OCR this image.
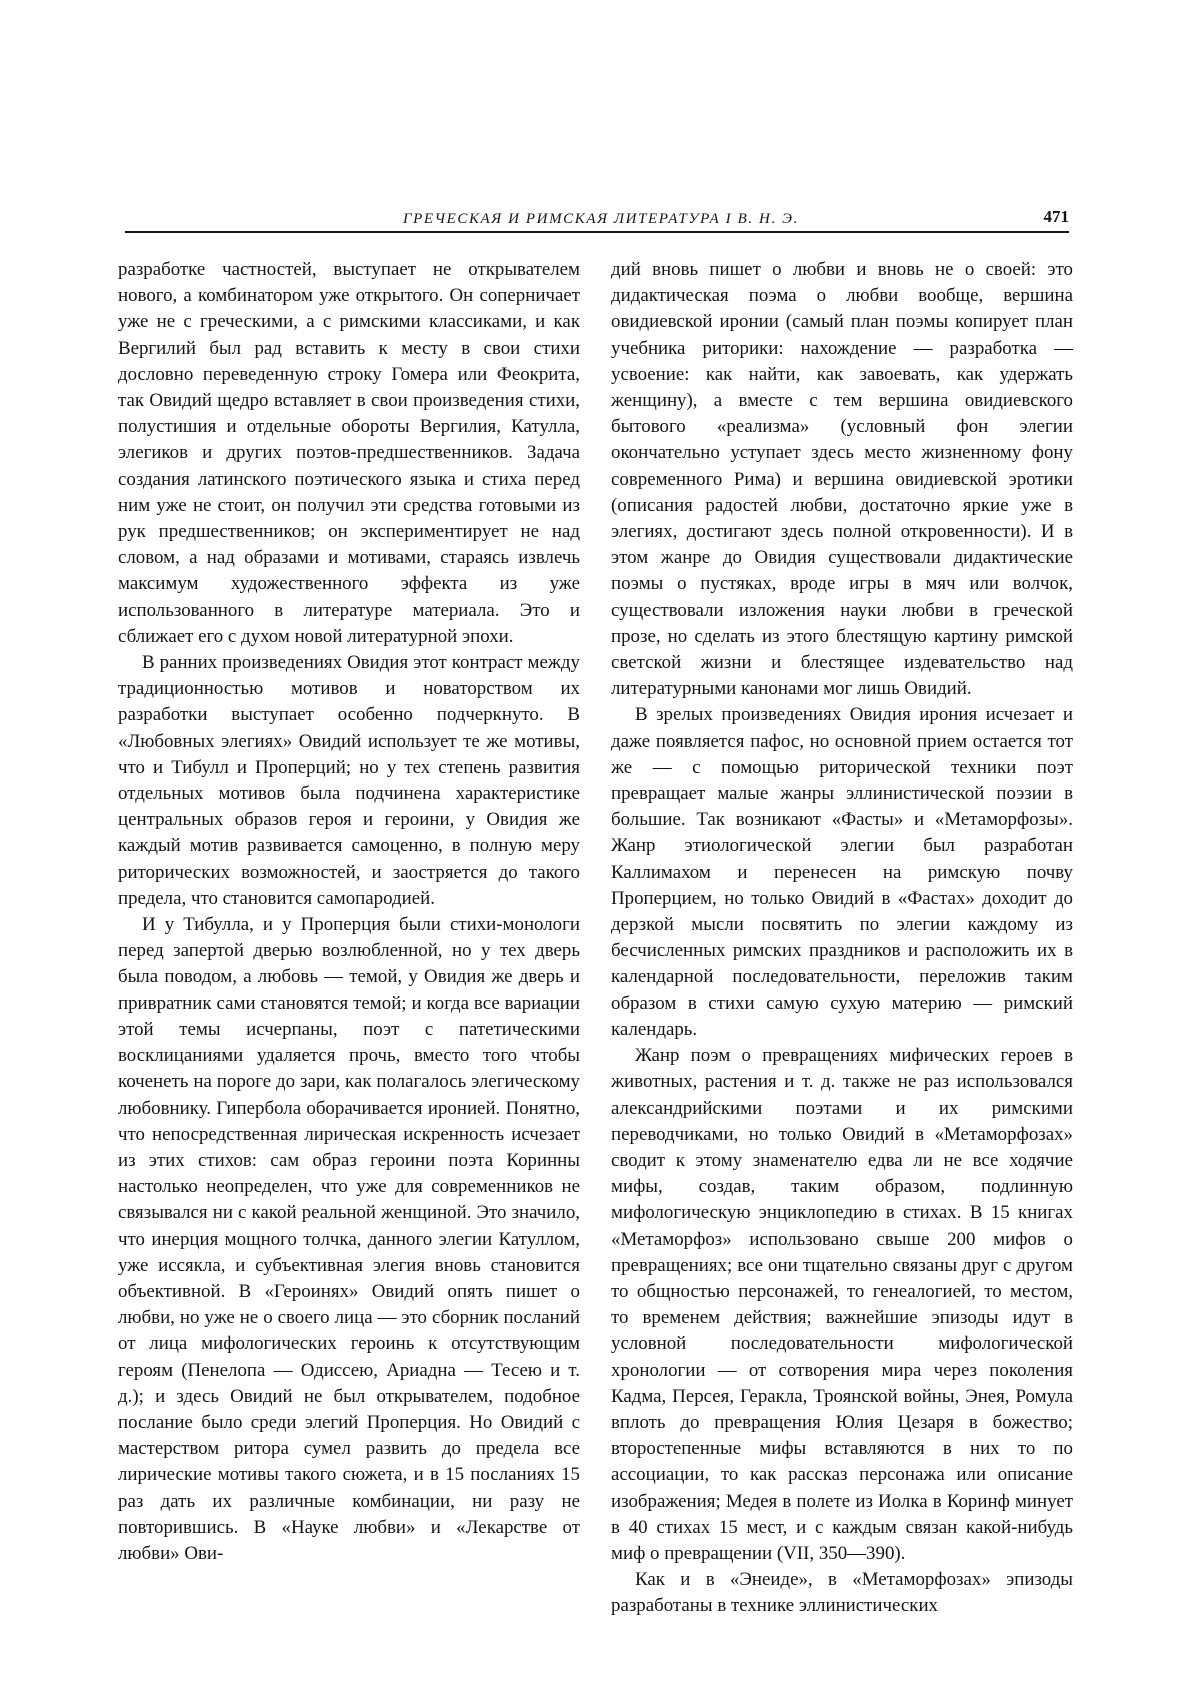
ГРЕЧЕСКАЯ И РИМСКАЯ ЛИТЕРАТУРА I В. Н. Э.	471

разработке частностей, выступает не открывателем нового, а комбинатором уже открытого. Он соперничает уже не с греческими, а с римскими классиками, и как Вергилий был рад вставить к месту в свои стихи дословно переведенную строку Гомера или Феокрита, так Овидий щедро вставляет в свои произведения стихи, полустишия и отдельные обороты Вергилия, Катулла, элегиков и других поэтов-предшественников. Задача создания латинского поэтического языка и стиха перед ним уже не стоит, он получил эти средства готовыми из рук предшественников; он экспериментирует не над словом, а над образами и мотивами, стараясь извлечь максимум художественного эффекта из уже использованного в литературе материала. Это и сближает его с духом новой литературной эпохи.

В ранних произведениях Овидия этот контраст между традиционностью мотивов и новаторством их разработки выступает особенно подчеркнуто. В «Любовных элегиях» Овидий использует те же мотивы, что и Тибулл и Проперций; но у тех степень развития отдельных мотивов была подчинена характеристике центральных образов героя и героини, у Овидия же каждый мотив развивается самоценно, в полную меру риторических возможностей, и заостряется до такого предела, что становится самопародией.

И у Тибулла, и у Проперция были стихи-монологи перед запертой дверью возлюбленной, но у тех дверь была поводом, а любовь — темой, у Овидия же дверь и привратник сами становятся темой; и когда все вариации этой темы исчерпаны, поэт с патетическими восклицаниями удаляется прочь, вместо того чтобы коченеть на пороге до зари, как полагалось элегическому любовнику. Гипербола оборачивается иронией. Понятно, что непосредственная лирическая искренность исчезает из этих стихов: сам образ героини поэта Коринны настолько неопределен, что уже для современников не связывался ни с какой реальной женщиной. Это значило, что инерция мощного толчка, данного элегии Катуллом, уже иссякла, и субъективная элегия вновь становится объективной. В «Героинях» Овидий опять пишет о любви, но уже не о своего лица — это сборник посланий от лица мифологических героинь к отсутствующим героям (Пенелопа — Одиссею, Ариадна — Тесею и т. д.); и здесь Овидий не был открывателем, подобное послание было среди элегий Проперция. Но Овидий с мастерством ритора сумел развить до предела все лирические мотивы такого сюжета, и в 15 посланиях 15 раз дать их различные комбинации, ни разу не повторившись. В «Науке любви» и «Лекарстве от любви» Ови-

дий вновь пишет о любви и вновь не о своей: это дидактическая поэма о любви вообще, вершина овидиевской иронии (самый план поэмы копирует план учебника риторики: нахождение — разработка — усвоение: как найти, как завоевать, как удержать женщину), а вместе с тем вершина овидиевского бытового «реализма» (условный фон элегии окончательно уступает здесь место жизненному фону современного Рима) и вершина овидиевской эротики (описания радостей любви, достаточно яркие уже в элегиях, достигают здесь полной откровенности). И в этом жанре до Овидия существовали дидактические поэмы о пустяках, вроде игры в мяч или волчок, существовали изложения науки любви в греческой прозе, но сделать из этого блестящую картину римской светской жизни и блестящее издевательство над литературными канонами мог лишь Овидий.

В зрелых произведениях Овидия ирония исчезает и даже появляется пафос, но основной прием остается тот же — с помощью риторической техники поэт превращает малые жанры эллинистической поэзии в большие. Так возникают «Фасты» и «Метаморфозы». Жанр этиологической элегии был разработан Каллимахом и перенесен на римскую почву Проперцием, но только Овидий в «Фастах» доходит до дерзкой мысли посвятить по элегии каждому из бесчисленных римских праздников и расположить их в календарной последовательности, переложив таким образом в стихи самую сухую материю — римский календарь.

Жанр поэм о превращениях мифических героев в животных, растения и т. д. также не раз использовался александрийскими поэтами и их римскими переводчиками, но только Овидий в «Метаморфозах» сводит к этому знаменателю едва ли не все ходячие мифы, создав, таким образом, подлинную мифологическую энциклопедию в стихах. В 15 книгах «Метаморфоз» использовано свыше 200 мифов о превращениях; все они тщательно связаны друг с другом то общностью персонажей, то генеалогией, то местом, то временем действия; важнейшие эпизоды идут в условной последовательности мифологической хронологии — от сотворения мира через поколения Кадма, Персея, Геракла, Троянской войны, Энея, Ромула вплоть до превращения Юлия Цезаря в божество; второстепенные мифы вставляются в них то по ассоциации, то как рассказ персонажа или описание изображения; Медея в полете из Иолка в Коринф минует в 40 стихах 15 мест, и с каждым связан какой-нибудь миф о превращении (VII, 350—390).

Как и в «Энеиде», в «Метаморфозах» эпизоды разработаны в технике эллинистических
